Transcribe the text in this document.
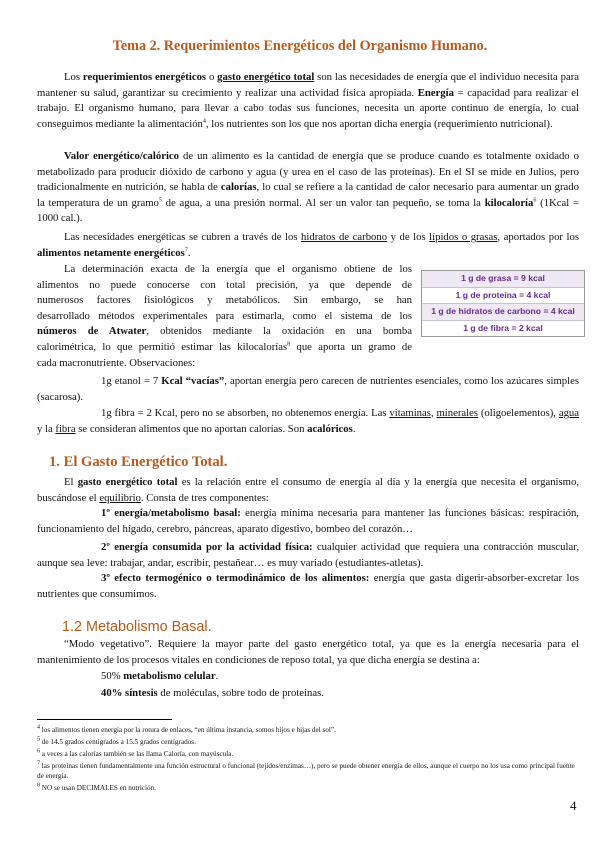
Tema 2. Requerimientos Energéticos del Organismo Humano.

Los requerimientos energéticos o gasto energético total son las necesidades de energía que el individuo necesita para mantener su salud, garantizar su crecimiento y realizar una actividad física apropiada. Energía = capacidad para realizar el trabajo. El organismo humano, para llevar a cabo todas sus funciones, necesita un aporte continuo de energía, lo cual conseguimos mediante la alimentación$^4$, los nutrientes son los que nos aportan dicha energía (requerimiento nutricional).

Valor energético/calórico de un alimento es la cantidad de energía que se produce cuando es totalmente oxidado o metabolizado para producir dióxido de carbono y agua (y urea en el caso de las proteínas). En el SI se mide en Julios, pero tradicionalmente en nutrición, se habla de calorías, lo cual se refiere a la cantidad de calor necesario para aumentar un grado la temperatura de un gramo$^5$ de agua, a una presión normal. Al ser un valor tan pequeño, se toma la kilocaloría$^6$ (1Kcal = 1000 cal.).

Las necesidades energéticas se cubren a través de los hidratos de carbono y de los lípidos o grasas, aportados por los alimentos netamente energéticos$^7$.

La determinación exacta de la energía que el organismo obtiene de los
alimentos no puede conocerse con total precisión, ya que depende de
numerosos factores fisiológicos y metabólicos. Sin embargo, se han
desarrollado métodos experimentales para estimarla, como el sistema de los
números de Atwater, obtenidos mediante la oxidación en una bomba
calorimétrica, lo que permitió estimar las kilocalorías$^8$ que aporta un gramo de
cada macronutriente. Observaciones:
1 g de grasa = 9 kcal
1 g de proteína = 4 kcal
1 g de hidratos de carbono = 4 kcal
1 g de fibra = 2 kcal

1g etanol = 7 Kcal “vacías”, aportan energía pero carecen de nutrientes esenciales, como los azúcares simples (sacarosa).

1g fibra = 2 Kcal, pero no se absorben, no obtenemos energía. Las vitaminas, minerales (oligoelementos), agua y la fibra se consideran alimentos que no aportan calorías. Son acalóricos.

1. El Gasto Energético Total.

El gasto energético total es la relación entre el consumo de energía al día y la energía que necesita el organismo, buscándose el equilibrio. Consta de tres componentes:

1º energía/metabolismo basal: energía mínima necesaria para mantener las funciones básicas: respiración, funcionamiento del hígado, cerebro, páncreas, aparato digestivo, bombeo del corazón…

2º energía consumida por la actividad física: cualquier actividad que requiera una contracción muscular, aunque sea leve: trabajar, andar, escribir, pestañear… es muy variado (estudiantes-atletas).

3º efecto termogénico o termodinámico de los alimentos: energía que gasta digerir-absorber-excretar los nutrientes que consumimos.

1.2 Metabolismo Basal.

“Modo vegetativo”. Requiere la mayor parte del gasto energético total, ya que es la energía necesaria para el mantenimiento de los procesos vitales en condiciones de reposo total, ya que dicha energía se destina a:

50% metabolismo celular.

40% síntesis de moléculas, sobre todo de proteínas.

$^4$ los alimentos tienen energía por la rotura de enlaces, “en última instancia, somos hijos e hijas del sol”.
$^5$ de 14.5 grados centígrados a 15.5 grados centígrados.
$^6$ a veces a las calorías también se las llama Caloría, con mayúscula.
$^7$ las proteínas tienen fundamentalmente una función estructural o funcional (tejidos/enzimas…), pero se puede obtener energía de ellos, aunque el cuerpo no los usa como principal fuente de energía.
$^8$ NO se usan DECIMALES en nutrición.
4
